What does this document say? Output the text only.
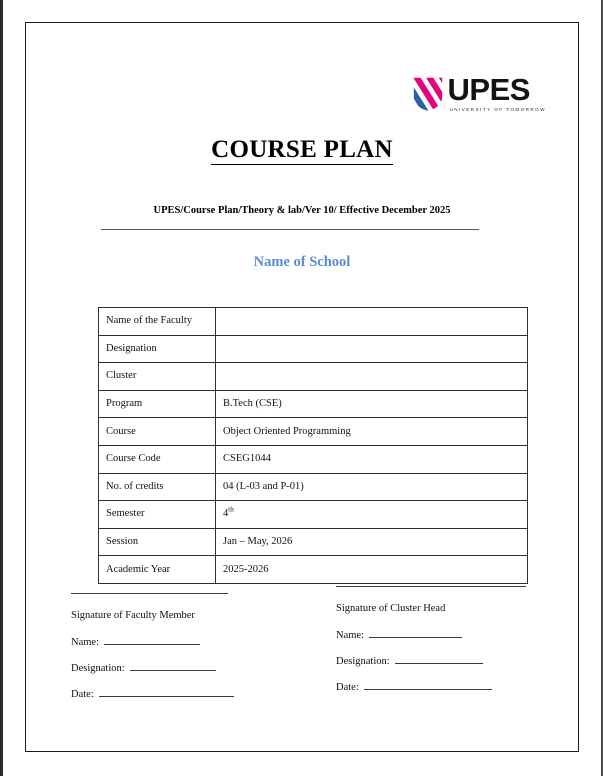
UPES
UNIVERSITY OF TOMORROW
COURSE PLAN
UPES/Course Plan/Theory & lab/Ver 10/ Effective December 2025
Name of School
Name of the Faculty	
Designation	
Cluster	
Program	B.Tech (CSE)
Course	Object Oriented Programming
Course Code	CSEG1044
No. of credits	04 (L-03 and P-01)
Semester	4th
Session	Jan – May, 2026
Academic Year	2025-2026
Signature of Faculty Member
Name:
Designation:
Date:
Signature of Cluster Head
Name:
Designation:
Date:
